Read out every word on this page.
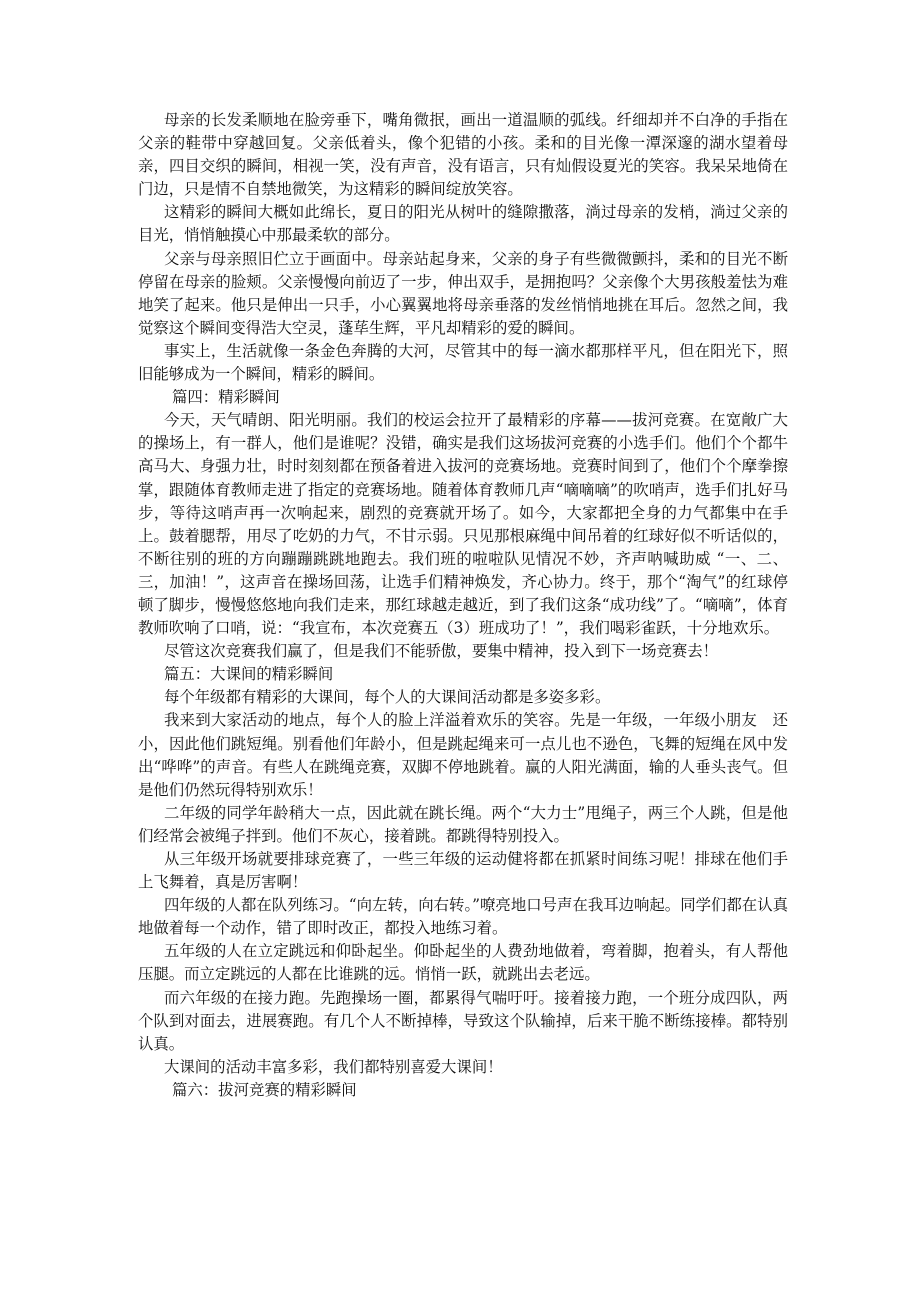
母亲的长发柔顺地在脸旁垂下，嘴角微抿，画出一道温顺的弧线。纤细却并不白净的手指在父亲的鞋带中穿越回复。父亲低着头，像个犯错的小孩。柔和的目光像一潭深邃的湖水望着母亲，四目交织的瞬间，相视一笑，没有声音，没有语言，只有灿假设夏光的笑容。我呆呆地倚在门边，只是情不自禁地微笑，为这精彩的瞬间绽放笑容。

这精彩的瞬间大概如此绵长，夏日的阳光从树叶的缝隙撒落，淌过母亲的发梢，淌过父亲的目光，悄悄触摸心中那最柔软的部分。

父亲与母亲照旧伫立于画面中。母亲站起身来，父亲的身子有些微微颤抖，柔和的目光不断停留在母亲的脸颊。父亲慢慢向前迈了一步，伸出双手，是拥抱吗？父亲像个大男孩般羞怯为难地笑了起来。他只是伸出一只手，小心翼翼地将母亲垂落的发丝悄悄地挑在耳后。忽然之间，我觉察这个瞬间变得浩大空灵，蓬荜生辉，平凡却精彩的爱的瞬间。

事实上，生活就像一条金色奔腾的大河，尽管其中的每一滴水都那样平凡，但在阳光下，照旧能够成为一个瞬间，精彩的瞬间。

篇四：精彩瞬间

今天，天气晴朗、阳光明丽。我们的校运会拉开了最精彩的序幕——拔河竞赛。在宽敞广大的操场上，有一群人，他们是谁呢？没错，确实是我们这场拔河竞赛的小选手们。他们个个都牛高马大、身强力壮，时时刻刻都在预备着进入拔河的竞赛场地。竞赛时间到了，他们个个摩拳擦掌，跟随体育教师走进了指定的竞赛场地。随着体育教师几声“嘀嘀嘀”的吹哨声，选手们扎好马步，等待这哨声再一次响起来，剧烈的竞赛就开场了。如今，大家都把全身的力气都集中在手上。鼓着腮帮，用尽了吃奶的力气，不甘示弱。只见那根麻绳中间吊着的红球好似不听话似的，不断往别的班的方向蹦蹦跳跳地跑去。我们班的啦啦队见情况不妙，齐声呐喊助威 “一、二、三，加油！”，这声音在操场回荡，让选手们精神焕发，齐心协力。终于，那个“淘气”的红球停顿了脚步，慢慢悠悠地向我们走来，那红球越走越近，到了我们这条“成功线”了。“嘀嘀”，体育教师吹响了口哨，说：“我宣布，本次竞赛五（3）班成功了！”，我们喝彩雀跃，十分地欢乐。

尽管这次竞赛我们赢了，但是我们不能骄傲，要集中精神，投入到下一场竞赛去！

篇五：大课间的精彩瞬间

每个年级都有精彩的大课间，每个人的大课间活动都是多姿多彩。

我来到大家活动的地点，每个人的脸上洋溢着欢乐的笑容。先是一年级，一年级小朋友　还小，因此他们跳短绳。别看他们年龄小，但是跳起绳来可一点儿也不逊色，飞舞的短绳在风中发出“哗哗”的声音。有些人在跳绳竞赛，双脚不停地跳着。赢的人阳光满面，输的人垂头丧气。但是他们仍然玩得特别欢乐！

二年级的同学年龄稍大一点，因此就在跳长绳。两个“大力士”甩绳子，两三个人跳，但是他们经常会被绳子拌到。他们不灰心，接着跳。都跳得特别投入。

从三年级开场就要排球竞赛了，一些三年级的运动健将都在抓紧时间练习呢！排球在他们手上飞舞着，真是厉害啊！

四年级的人都在队列练习。“向左转，向右转。”嘹亮地口号声在我耳边响起。同学们都在认真地做着每一个动作，错了即时改正，都投入地练习着。

五年级的人在立定跳远和仰卧起坐。仰卧起坐的人费劲地做着，弯着脚，抱着头，有人帮他压腿。而立定跳远的人都在比谁跳的远。悄悄一跃，就跳出去老远。

而六年级的在接力跑。先跑操场一圈，都累得气喘吁吁。接着接力跑，一个班分成四队，两个队到对面去，进展赛跑。有几个人不断掉棒，导致这个队输掉，后来干脆不断练接棒。都特别认真。

大课间的活动丰富多彩，我们都特别喜爱大课间！

篇六：拔河竞赛的精彩瞬间
